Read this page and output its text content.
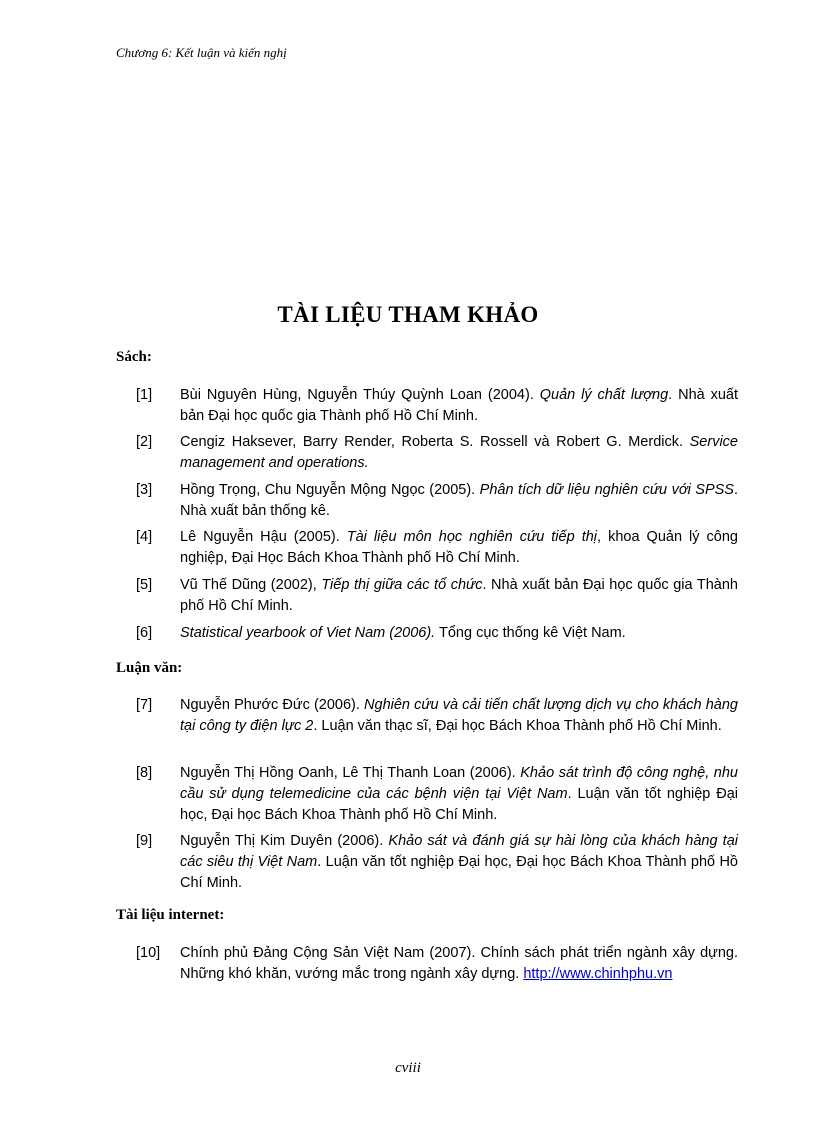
Chương 6: Kết luận và kiến nghị
TÀI LIỆU THAM KHẢO
Sách:
[1]	Bùi Nguyên Hùng, Nguyễn Thúy Quỳnh Loan (2004). Quản lý chất lượng. Nhà xuất bản Đại học quốc gia Thành phố Hồ Chí Minh.
[2]	Cengiz Haksever, Barry Render, Roberta S. Rossell và Robert G. Merdick. Service management and operations.
[3]	Hồng Trọng, Chu Nguyễn Mộng Ngọc (2005). Phân tích dữ liệu nghiên cứu với SPSS. Nhà xuất bản thống kê.
[4]	Lê Nguyễn Hậu (2005). Tài liệu môn học nghiên cứu tiếp thị, khoa Quản lý công nghiệp, Đại Học Bách Khoa Thành phố Hồ Chí Minh.
[5]	Vũ Thế Dũng (2002), Tiếp thị giữa các tổ chức. Nhà xuất bản Đại học quốc gia Thành phố Hồ Chí Minh.
[6]	Statistical yearbook of Viet Nam (2006). Tổng cục thống kê Việt Nam.
Luận văn:
[7]	Nguyễn Phước Đức (2006). Nghiên cứu và cải tiến chất lượng dịch vụ cho khách hàng tại công ty điện lực 2. Luận văn thạc sĩ, Đại học Bách Khoa Thành phố Hồ Chí Minh.
[8]	Nguyễn Thị Hồng Oanh, Lê Thị Thanh Loan (2006). Khảo sát trình độ công nghệ, nhu cầu sử dụng telemedicine của các bệnh viện tại Việt Nam. Luận văn tốt nghiệp Đại học, Đại học Bách Khoa Thành phố Hồ Chí Minh.
[9]	Nguyễn Thị Kim Duyên (2006). Khảo sát và đánh giá sự hài lòng của khách hàng tại các siêu thị Việt Nam. Luận văn tốt nghiệp Đại học, Đại học Bách Khoa Thành phố Hồ Chí Minh.
Tài liệu internet:
[10]	Chính phủ Đảng Cộng Sản Việt Nam (2007). Chính sách phát triển ngành xây dựng. Những khó khăn, vướng mắc trong ngành xây dựng. http://www.chinhphu.vn
cviii
